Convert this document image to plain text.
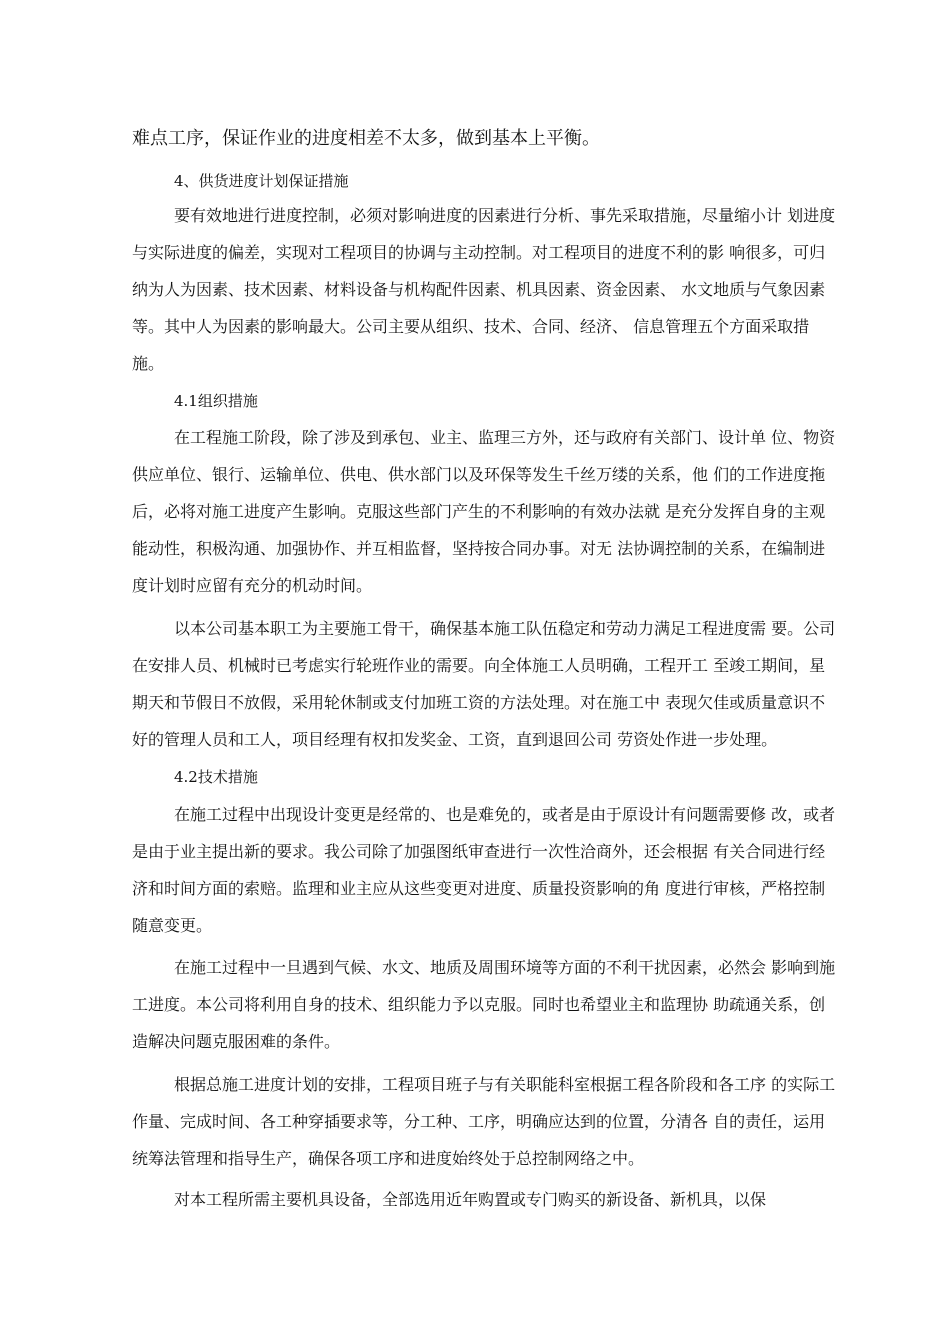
难点工序，保证作业的进度相差不太多，做到基本上平衡。

4、供货进度计划保证措施

要有效地进行进度控制，必须对影响进度的因素进行分析、事先采取措施，尽量缩小计 划进度

与实际进度的偏差，实现对工程项目的协调与主动控制。对工程项目的进度不利的影 响很多，可归

纳为人为因素、技术因素、材料设备与机构配件因素、机具因素、资金因素、 水文地质与气象因素

等。其中人为因素的影响最大。公司主要从组织、技术、合同、经济、 信息管理五个方面采取措

施。

4.1组织措施

在工程施工阶段，除了涉及到承包、业主、监理三方外，还与政府有关部门、设计单 位、物资

供应单位、银行、运输单位、供电、供水部门以及环保等发生千丝万缕的关系，他 们的工作进度拖

后，必将对施工进度产生影响。克服这些部门产生的不利影响的有效办法就 是充分发挥自身的主观

能动性，积极沟通、加强协作、并互相监督，坚持按合同办事。对无 法协调控制的关系，在编制进

度计划时应留有充分的机动时间。

以本公司基本职工为主要施工骨干，确保基本施工队伍稳定和劳动力满足工程进度需 要。公司

在安排人员、机械时已考虑实行轮班作业的需要。向全体施工人员明确，工程开工 至竣工期间，星

期天和节假日不放假，采用轮休制或支付加班工资的方法处理。对在施工中 表现欠佳或质量意识不

好的管理人员和工人，项目经理有权扣发奖金、工资，直到退回公司 劳资处作进一步处理。

4.2技术措施

在施工过程中出现设计变更是经常的、也是难免的，或者是由于原设计有问题需要修 改，或者

是由于业主提出新的要求。我公司除了加强图纸审查进行一次性洽商外，还会根据 有关合同进行经

济和时间方面的索赔。监理和业主应从这些变更对进度、质量投资影响的角 度进行审核，严格控制

随意变更。

在施工过程中一旦遇到气候、水文、地质及周围环境等方面的不利干扰因素，必然会 影响到施

工进度。本公司将利用自身的技术、组织能力予以克服。同时也希望业主和监理协 助疏通关系，创

造解决问题克服困难的条件。

根据总施工进度计划的安排，工程项目班子与有关职能科室根据工程各阶段和各工序 的实际工

作量、完成时间、各工种穿插要求等，分工种、工序，明确应达到的位置，分清各 自的责任，运用

统筹法管理和指导生产，确保各项工序和进度始终处于总控制网络之中。

对本工程所需主要机具设备，全部选用近年购置或专门购买的新设备、新机具，以保
